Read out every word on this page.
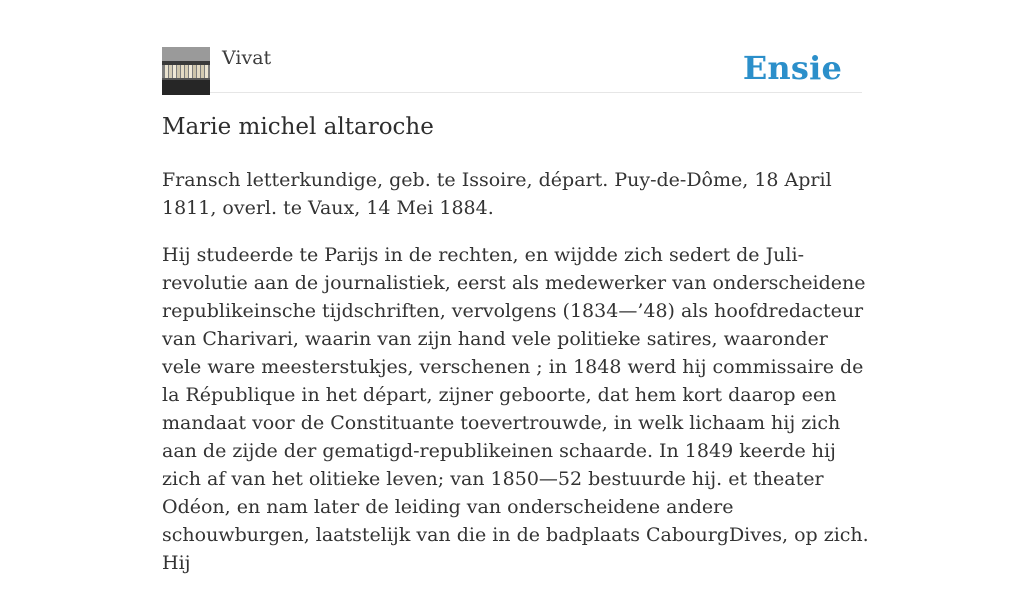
Vivat	Ensie
Marie michel altaroche

Fransch letterkundige, geb. te Issoire, départ. Puy-de-Dôme, 18 April 1811, overl. te Vaux, 14 Mei 1884.

Hij studeerde te Parijs in de rechten, en wijdde zich sedert de Juli-revolutie aan de journalistiek, eerst als medewerker van onderscheidene republikeinsche tijdschriften, vervolgens (1834—’48) als hoofdredacteur van Charivari, waarin van zijn hand vele politieke satires, waaronder vele ware meesterstukjes, verschenen ; in 1848 werd hij commissaire de la République in het départ, zijner geboorte, dat hem kort daarop een mandaat voor de Constituante toevertrouwde, in welk lichaam hij zich aan de zijde der gematigd-republikeinen schaarde. In 1849 keerde hij zich af van het olitieke leven; van 1850—52 bestuurde hij. et theater Odéon, en nam later de leiding van onderscheidene andere schouwburgen, laatstelijk van die in de badplaats CabourgDives, op zich. Hij
